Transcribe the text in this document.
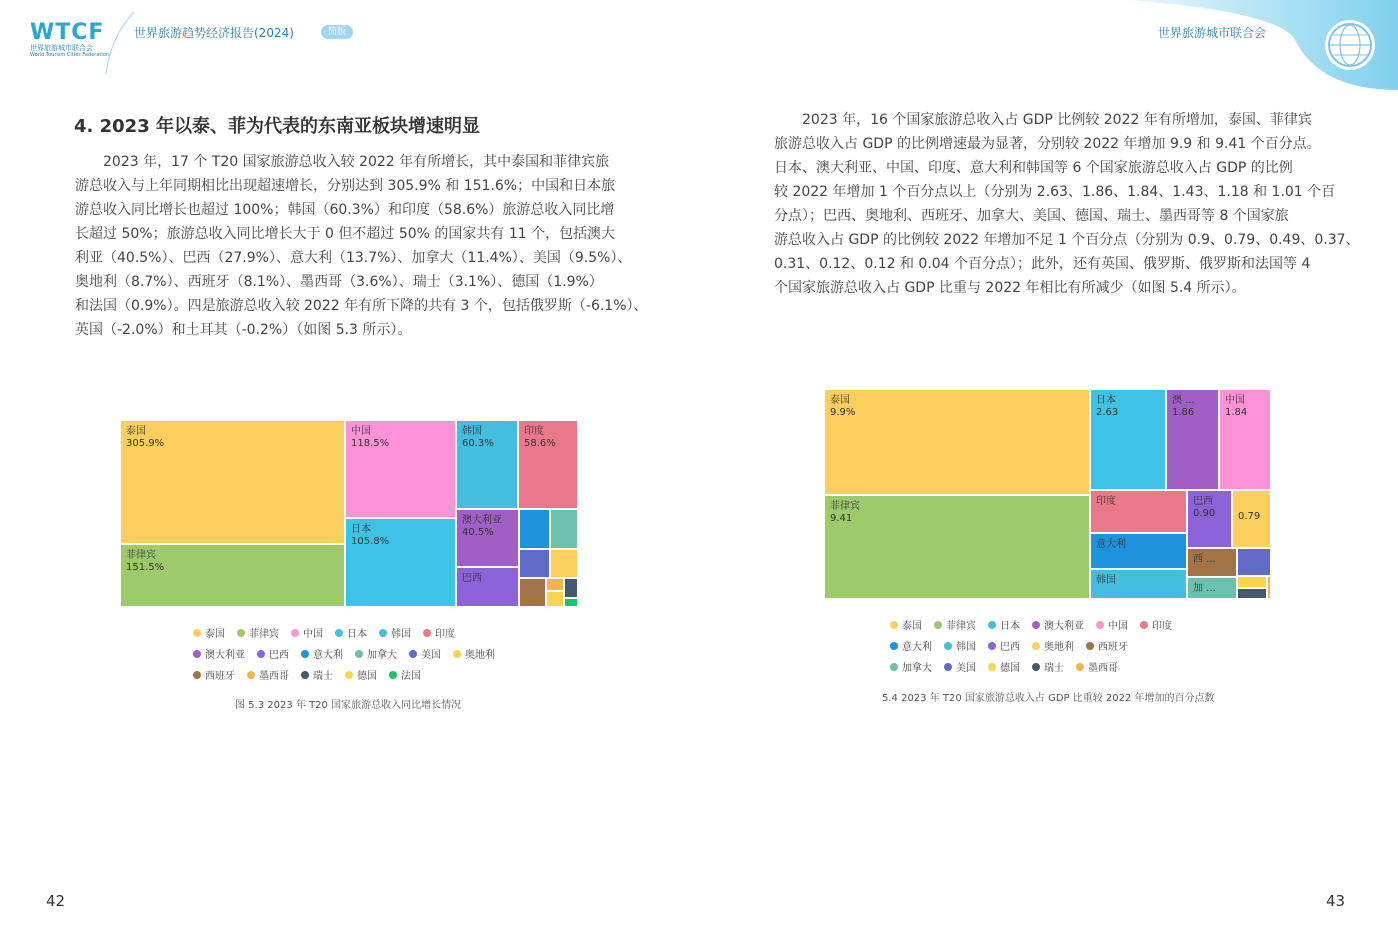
WTCF
世界旅游城市联合会
World Tourism Cities Federation
世界旅游趋势经济报告(2024)	简版	世界旅游城市联合会
4. 2023 年以泰、菲为代表的东南亚板块增速明显
　　2023 年，17 个 T20 国家旅游总收入较 2022 年有所增长，其中泰国和菲律宾旅
游总收入与上年同期相比出现超速增长，分别达到 305.9% 和 151.6%；中国和日本旅
游总收入同比增长也超过 100%；韩国（60.3%）和印度（58.6%）旅游总收入同比增
长超过 50%；旅游总收入同比增长大于 0 但不超过 50% 的国家共有 11 个，包括澳大
利亚（40.5%）、巴西（27.9%）、意大利（13.7%）、加拿大（11.4%）、美国（9.5%）、
奥地利（8.7%）、西班牙（8.1%）、墨西哥（3.6%）、瑞士（3.1%）、德国（1.9%）
和法国（0.9%）。四是旅游总收入较 2022 年有所下降的共有 3 个，包括俄罗斯（-6.1%）、
英国（-2.0%）和土耳其（-0.2%）（如图 5.3 所示）。
泰国
305.9%
菲律宾
151.5%
中国
118.5%
日本
105.8%
韩国
60.3%
印度
58.6%
澳大利亚
40.5%
巴西
泰国 菲律宾 中国 日本 韩国 印度
澳大利亚 巴西 意大利 加拿大 美国 奥地利
西班牙 墨西哥 瑞士 德国 法国
图 5.3 2023 年 T20 国家旅游总收入同比增长情况
42
　　2023 年，16 个国家旅游总收入占 GDP 比例较 2022 年有所增加，泰国、菲律宾
旅游总收入占 GDP 的比例增速最为显著，分别较 2022 年增加 9.9 和 9.41 个百分点。
日本、澳大利亚、中国、印度、意大利和韩国等 6 个国家旅游总收入占 GDP 的比例
较 2022 年增加 1 个百分点以上（分别为 2.63、1.86、1.84、1.43、1.18 和 1.01 个百
分点）；巴西、奥地利、西班牙、加拿大、美国、德国、瑞士、墨西哥等 8 个国家旅
游总收入占 GDP 的比例较 2022 年增加不足 1 个百分点（分别为 0.9、0.79、0.49、0.37、
0.31、0.12、0.12 和 0.04 个百分点）；此外，还有英国、俄罗斯、俄罗斯和法国等 4
个国家旅游总收入占 GDP 比重与 2022 年相比有所减少（如图 5.4 所示）。
泰国
9.9%
菲律宾
9.41
日本
2.63
澳 ...
1.86
中国
1.84
印度
意大利
韩国
巴西
0.90 0.79
西 ...
加 ...
泰国 菲律宾 日本 澳大利亚 中国 印度
意大利 韩国 巴西 奥地利 西班牙
加拿大 美国 德国 瑞士 墨西哥
5.4 2023 年 T20 国家旅游总收入占 GDP 比重较 2022 年增加的百分点数
43
